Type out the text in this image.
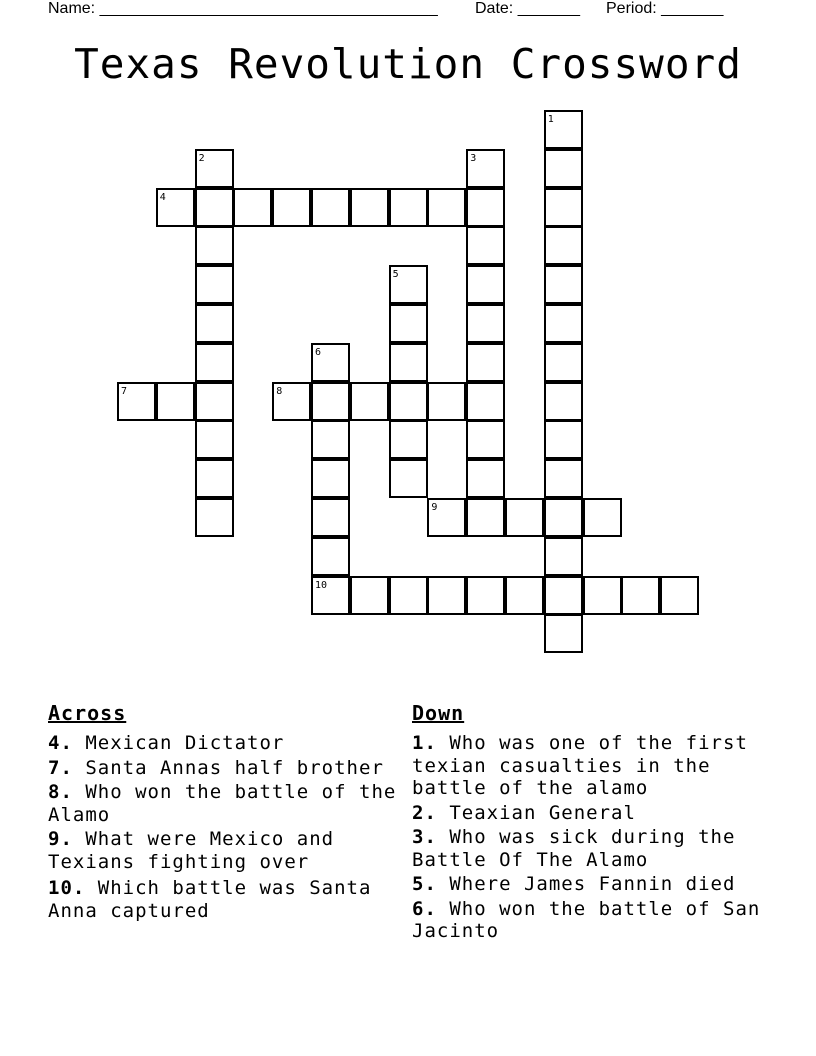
Name: ______________________________________

Date: _______

Period: _______

Texas Revolution Crossword
1
2	3
4
5
6
10
7	8
9
Across
4. Mexican Dictator
7. Santa Annas half brother
8. Who won the battle of the Alamo
9. What were Mexico and Texians fighting over
10. Which battle was Santa Anna captured
Down
1. Who was one of the first texian casualties in the battle of the alamo
2. Teaxian General
3. Who was sick during the Battle Of The Alamo
5. Where James Fannin died
6. Who won the battle of San Jacinto
